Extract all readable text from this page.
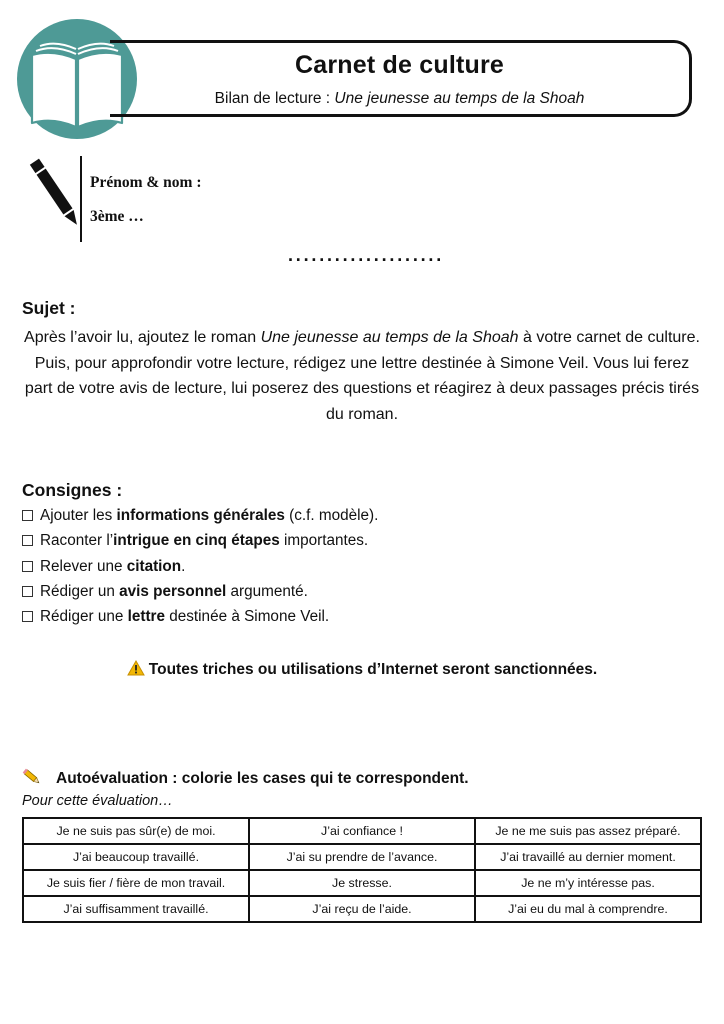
Carnet de culture
Bilan de lecture : Une jeunesse au temps de la Shoah
Prénom & nom :
3ème …
....................
Sujet :
Après l’avoir lu, ajoutez le roman Une jeunesse au temps de la Shoah à votre carnet de culture.
Puis, pour approfondir votre lecture, rédigez une lettre destinée à Simone Veil. Vous lui ferez part de votre avis de lecture, lui poserez des questions et réagirez à deux passages précis tirés du roman.
Consignes :
Ajouter les informations générales (c.f. modèle).
Raconter l’intrigue en cinq étapes importantes.
Relever une citation.
Rédiger un avis personnel argumenté.
Rédiger une lettre destinée à Simone Veil.
Toutes triches ou utilisations d’Internet seront sanctionnées.
Autoévaluation : colorie les cases qui te correspondent.
Pour cette évaluation…
Je ne suis pas sûr(e) de moi.	J’ai confiance !	Je ne me suis pas assez préparé.
J’ai beaucoup travaillé.	J’ai su prendre de l’avance.	J’ai travaillé au dernier moment.
Je suis fier / fière de mon travail.	Je stresse.	Je ne m’y intéresse pas.
J’ai suffisamment travaillé.	J’ai reçu de l’aide.	J’ai eu du mal à comprendre.
